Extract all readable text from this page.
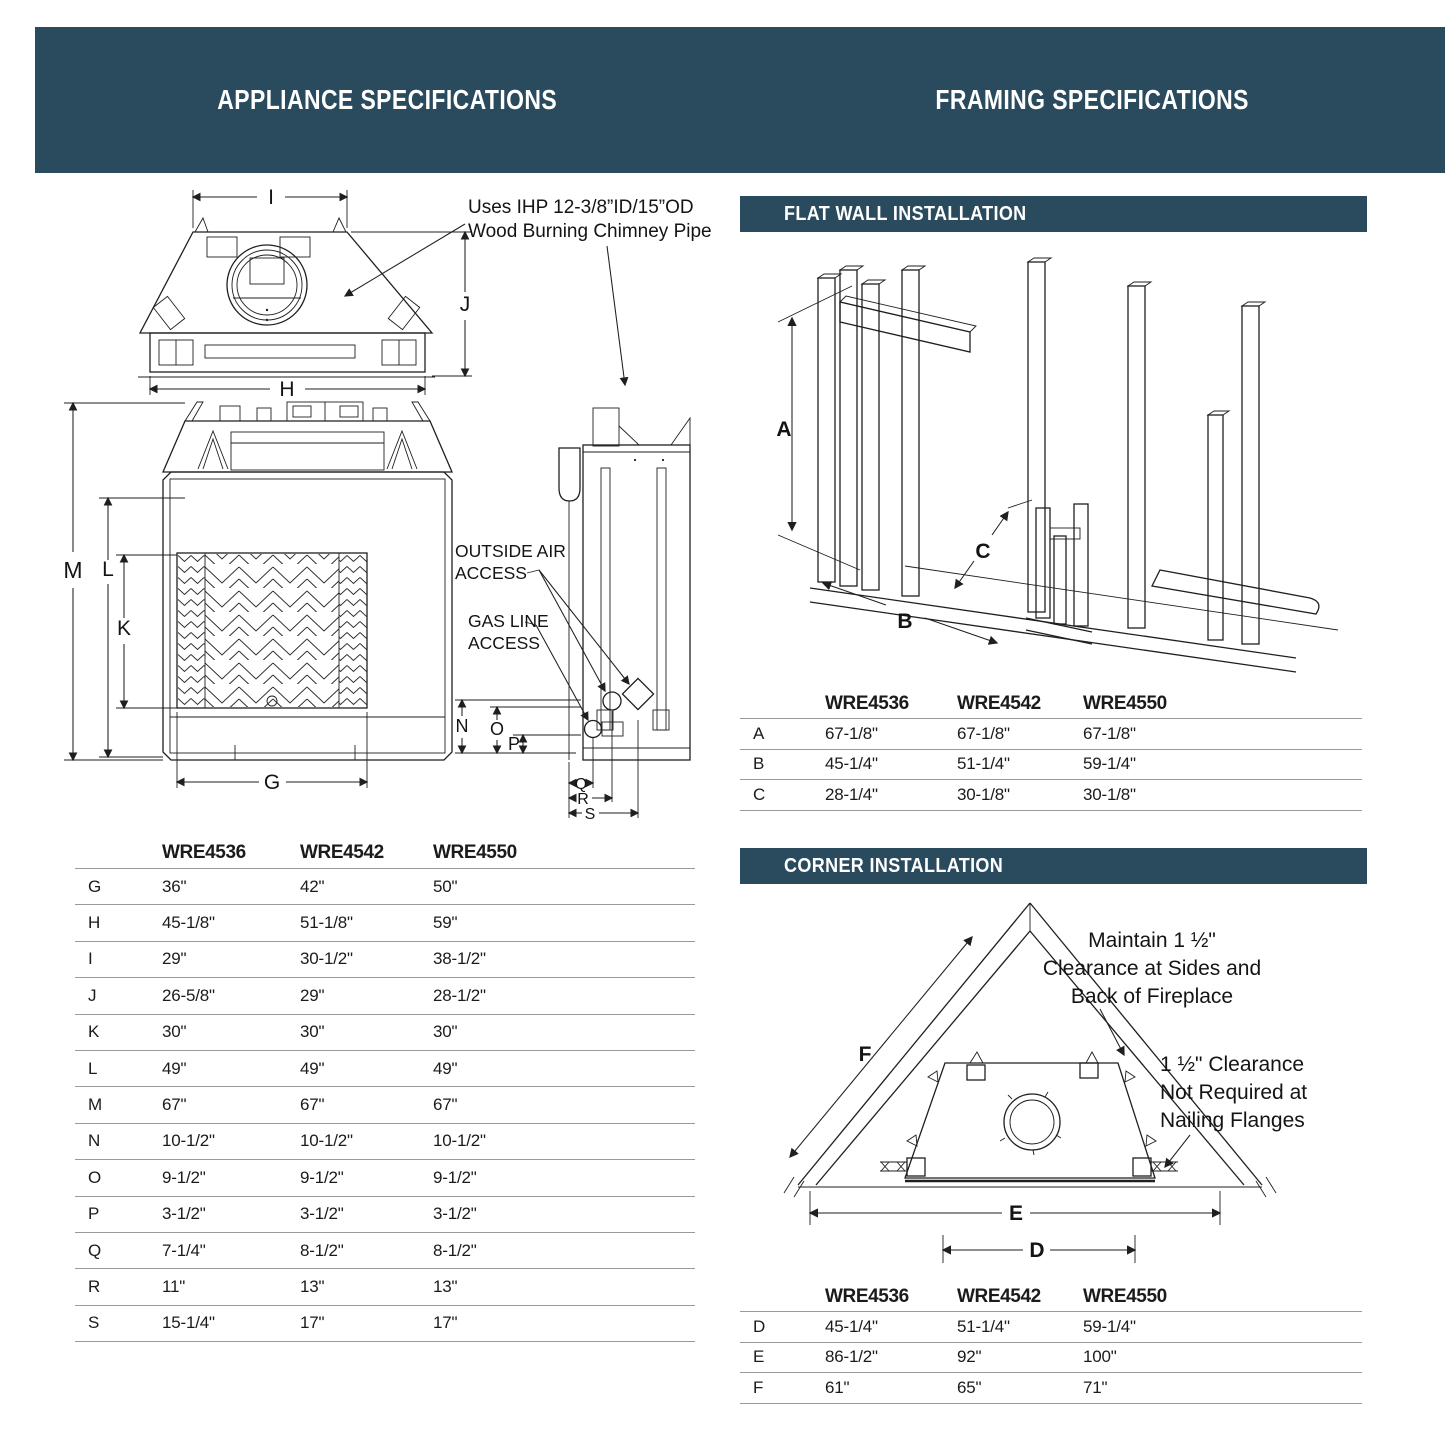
APPLIANCE SPECIFICATIONS	FRAMING SPECIFICATIONS
I
H
J
Uses IHP 12-3/8”ID/15”OD
Wood Burning Chimney Pipe
M L
K
G
OUTSIDE AIR
ACCESS
GAS LINE
ACCESS
N O
P
Q
R
S
WRE4536	WRE4542	WRE4550
G	36"	42"	50"
H	45-1/8"	51-1/8"	59"
I	29"	30-1/2"	38-1/2"
J	26-5/8"	29"	28-1/2"
K	30"	30"	30"
L	49"	49"	49"
M	67"	67"	67"
N	10-1/2"	10-1/2"	10-1/2"
O	9-1/2"	9-1/2"	9-1/2"
P	3-1/2"	3-1/2"	3-1/2"
Q	7-1/4"	8-1/2"	8-1/2"
R	11"	13"	13"
S	15-1/4"	17"	17"
FLAT WALL INSTALLATION
A
B
C
WRE4536	WRE4542	WRE4550
A	67-1/8"	67-1/8"	67-1/8"
B	45-1/4"	51-1/4"	59-1/4"
C	28-1/4"	30-1/8"	30-1/8"
CORNER INSTALLATION
Maintain 1 ½"
Clearance at Sides and
Back of Fireplace
1 ½" Clearance
Not Required at
Nailing Flanges
F
E
D
WRE4536	WRE4542	WRE4550
D	45-1/4"	51-1/4"	59-1/4"
E	86-1/2"	92"	100"
F	61"	65"	71"
